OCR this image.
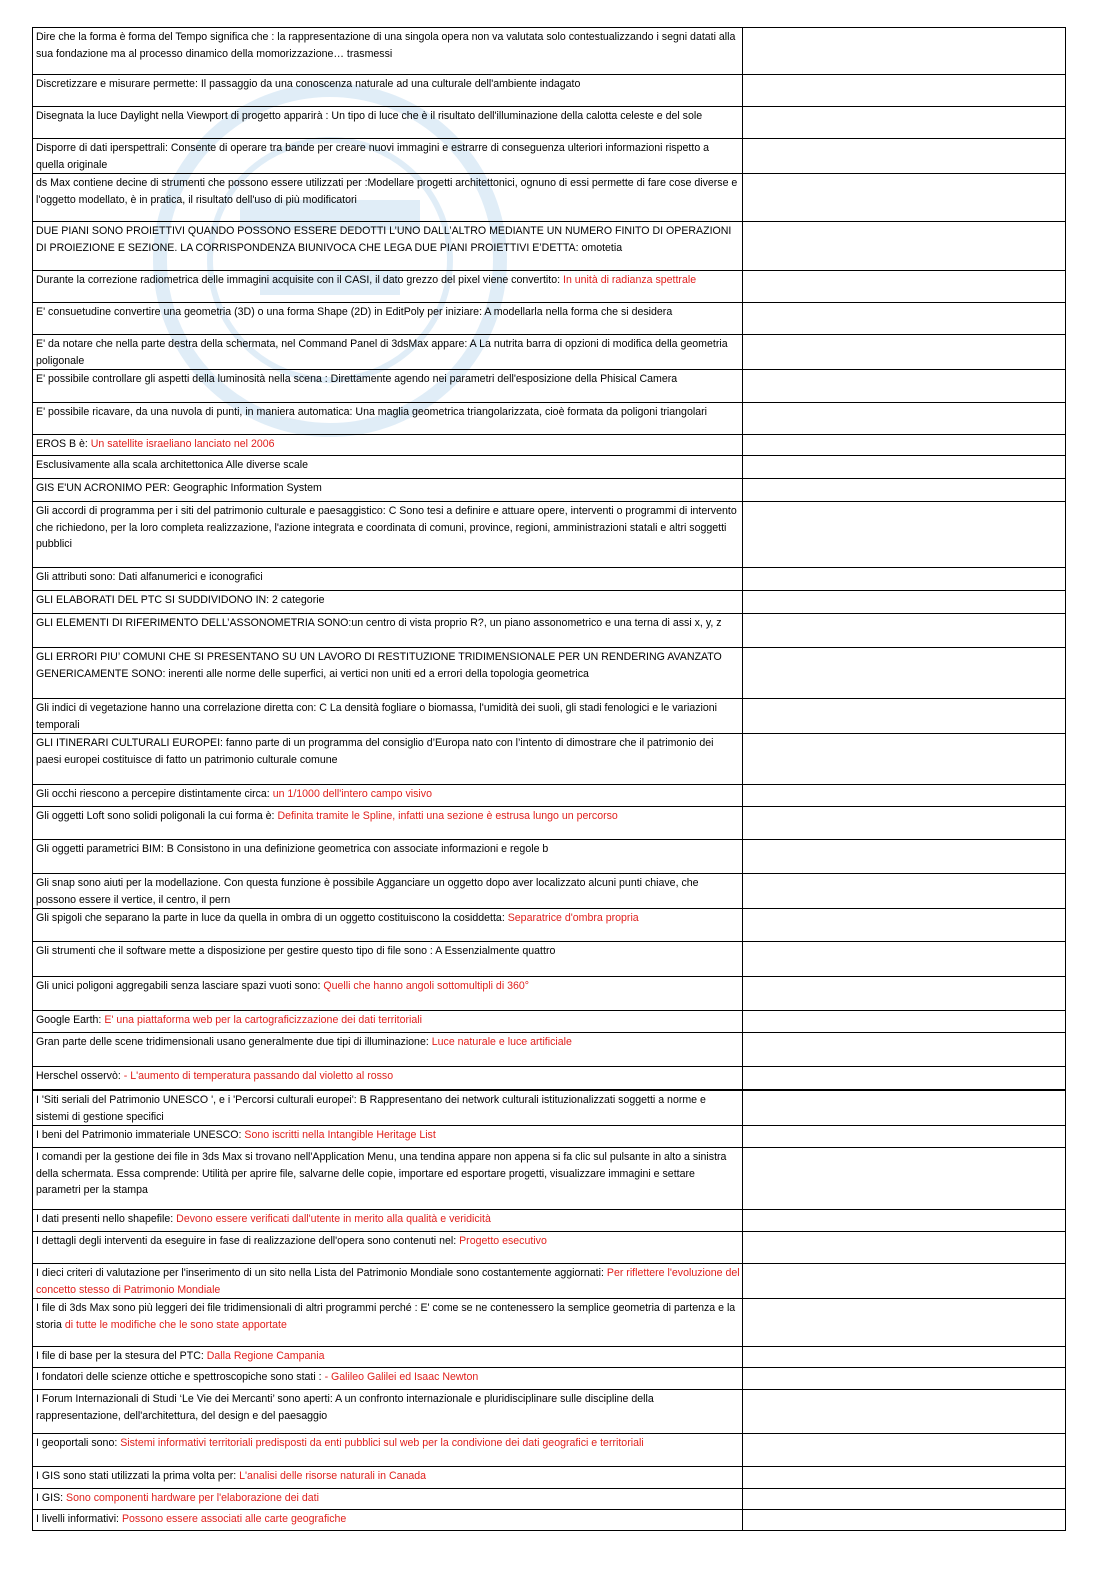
Dire che la forma è forma del Tempo significa che : la rappresentazione di una singola opera non va valutata solo contestualizzando i segni datati alla sua fondazione ma al processo dinamico della momorizzazione… trasmessi	
Discretizzare e misurare permette: Il passaggio da una conoscenza naturale ad una culturale dell'ambiente indagato	
Disegnata la luce Daylight nella Viewport di progetto apparirà : Un tipo di luce che è il risultato dell'illuminazione della calotta celeste e del sole	
Disporre di dati iperspettrali: Consente di operare tra bande per creare nuovi immagini e estrarre di conseguenza ulteriori informazioni rispetto a quella originale	
ds Max contiene decine di strumenti che possono essere utilizzati per :Modellare progetti architettonici, ognuno di essi permette di fare cose diverse e l'oggetto modellato, è in pratica, il risultato dell'uso di più modificatori	
DUE PIANI SONO PROIETTIVI QUANDO POSSONO ESSERE DEDOTTI L’UNO DALL’ALTRO MEDIANTE UN NUMERO FINITO DI OPERAZIONI DI PROIEZIONE E SEZIONE. LA CORRISPONDENZA BIUNIVOCA CHE LEGA DUE PIANI PROIETTIVI E’DETTA: omotetia	
Durante la correzione radiometrica delle immagini acquisite con il CASI, il dato grezzo del pixel viene convertito: In unità di radianza spettrale	
E' consuetudine convertire una geometria (3D) o una forma Shape (2D) in EditPoly per iniziare: A modellarla nella forma che si desidera	
E' da notare che nella parte destra della schermata, nel Command Panel di 3dsMax appare: A La nutrita barra di opzioni di modifica della geometria poligonale	
E' possibile controllare gli aspetti della luminosità nella scena : Direttamente agendo nei parametri dell'esposizione della Phisical Camera	
E' possibile ricavare, da una nuvola di punti, in maniera automatica: Una maglia geometrica triangolarizzata, cioè formata da poligoni triangolari	
EROS B è: Un satellite israeliano lanciato nel 2006	
Esclusivamente alla scala architettonica Alle diverse scale	
GIS E'UN ACRONIMO PER: Geographic Information System	
Gli accordi di programma per i siti del patrimonio culturale e paesaggistico: C Sono tesi a definire e attuare opere, interventi o programmi di intervento che richiedono, per la loro completa realizzazione, l'azione integrata e coordinata di comuni, province, regioni, amministrazioni statali e altri soggetti pubblici	
Gli attributi sono: Dati alfanumerici e iconografici	
GLI ELABORATI DEL PTC SI SUDDIVIDONO IN: 2 categorie	
GLI ELEMENTI DI RIFERIMENTO DELL’ASSONOMETRIA SONO:un centro di vista proprio R?, un piano assonometrico e una terna di assi x, y, z	
GLI ERRORI PIU’ COMUNI CHE SI PRESENTANO SU UN LAVORO DI RESTITUZIONE TRIDIMENSIONALE PER UN RENDERING AVANZATO GENERICAMENTE SONO: inerenti alle norme delle superfici, ai vertici non uniti ed a errori della topologia geometrica	
Gli indici di vegetazione hanno una correlazione diretta con: C La densità fogliare o biomassa, l'umidità dei suoli, gli stadi fenologici e le variazioni temporali	
GLI ITINERARI CULTURALI EUROPEI: fanno parte di un programma del consiglio d’Europa nato con l’intento di dimostrare che il patrimonio dei paesi europei costituisce di fatto un patrimonio culturale comune	
Gli occhi riescono a percepire distintamente circa: un 1/1000 dell'intero campo visivo	
Gli oggetti Loft sono solidi poligonali la cui forma è: Definita tramite le Spline, infatti una sezione è estrusa lungo un percorso	
Gli oggetti parametrici BIM: B Consistono in una definizione geometrica con associate informazioni e regole b	
Gli snap sono aiuti per la modellazione. Con questa funzione è possibile Agganciare un oggetto dopo aver localizzato alcuni punti chiave, che possono essere il vertice, il centro, il pern	
Gli spigoli che separano la parte in luce da quella in ombra di un oggetto costituiscono la cosiddetta: Separatrice d'ombra propria	
Gli strumenti che il software mette a disposizione per gestire questo tipo di file sono : A Essenzialmente quattro	
Gli unici poligoni aggregabili senza lasciare spazi vuoti sono: Quelli che hanno angoli sottomultipli di 360°	
Google Earth: E' una piattaforma web per la cartograficizzazione dei dati territoriali	
Gran parte delle scene tridimensionali usano generalmente due tipi di illuminazione: Luce naturale e luce artificiale	
Herschel osservò: - L'aumento di temperatura passando dal violetto al rosso	
I 'Siti seriali del Patrimonio UNESCO ', e i 'Percorsi culturali europei': B Rappresentano dei network culturali istituzionalizzati soggetti a norme e sistemi di gestione specifici	
I beni del Patrimonio immateriale UNESCO: Sono iscritti nella Intangible Heritage List	
I comandi per la gestione dei file in 3ds Max si trovano nell'Application Menu, una tendina appare non appena si fa clic sul pulsante in alto a sinistra della schermata. Essa comprende: Utilità per aprire file, salvarne delle copie, importare ed esportare progetti, visualizzare immagini e settare parametri per la stampa	
I dati presenti nello shapefile: Devono essere verificati dall'utente in merito alla qualità e veridicità	
I dettagli degli interventi da eseguire in fase di realizzazione dell'opera sono contenuti nel: Progetto esecutivo	
I dieci criteri di valutazione per l'inserimento di un sito nella Lista del Patrimonio Mondiale sono costantemente aggiornati: Per riflettere l'evoluzione del concetto stesso di Patrimonio Mondiale	
I file di 3ds Max sono più leggeri dei file tridimensionali di altri programmi perché : E' come se ne contenessero la semplice geometria di partenza e la storia di tutte le modifiche che le sono state apportate	
I file di base per la stesura del PTC: Dalla Regione Campania	
I fondatori delle scienze ottiche e spettroscopiche sono stati : - Galileo Galilei ed Isaac Newton	
I Forum Internazionali di Studi ‘Le Vie dei Mercanti’ sono aperti: A un confronto internazionale e pluridisciplinare sulle discipline della rappresentazione, dell'architettura, del design e del paesaggio	
I geoportali sono: Sistemi informativi territoriali predisposti da enti pubblici sul web per la condivione dei dati geografici e territoriali	
I GIS sono stati utilizzati la prima volta per: L'analisi delle risorse naturali in Canada	
I GIS: Sono componenti hardware per l'elaborazione dei dati	
I livelli informativi: Possono essere associati alle carte geografiche	
